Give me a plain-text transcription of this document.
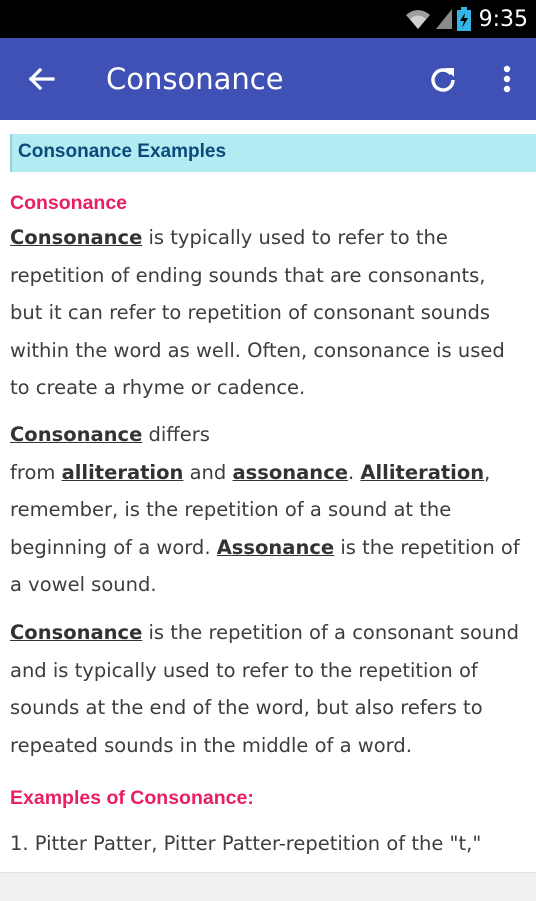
9:35
Consonance
Consonance Examples
Consonance
Consonance is typically used to refer to the
repetition of ending sounds that are consonants,
but it can refer to repetition of consonant sounds
within the word as well. Often, consonance is used
to create a rhyme or cadence.
Consonance differs
from alliteration and assonance. Alliteration,
remember, is the repetition of a sound at the
beginning of a word. Assonance is the repetition of
a vowel sound.
Consonance is the repetition of a consonant sound
and is typically used to refer to the repetition of
sounds at the end of the word, but also refers to
repeated sounds in the middle of a word.
Examples of Consonance:
1. Pitter Patter, Pitter Patter-repetition of the "t,"
